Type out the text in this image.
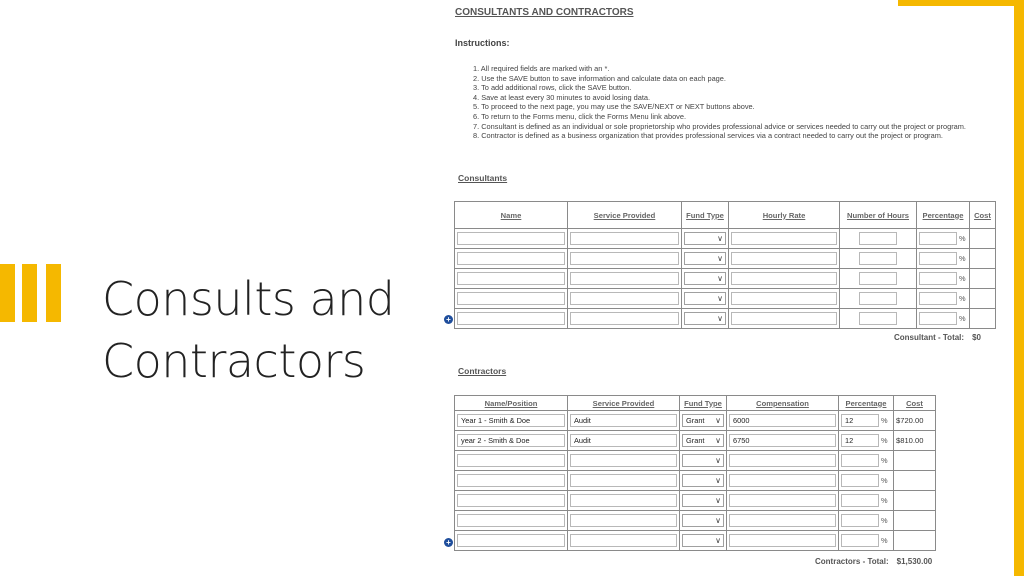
Consults and
Contractors
CONSULTANTS AND CONTRACTORS
Instructions:
1. All required fields are marked with an *.
2. Use the SAVE button to save information and calculate data on each page.
3. To add additional rows, click the SAVE button.
4. Save at least every 30 minutes to avoid losing data.
5. To proceed to the next page, you may use the SAVE/NEXT or NEXT buttons above.
6. To return to the Forms menu, click the Forms Menu link above.
7. Consultant is defined as an individual or sole proprietorship who provides professional advice or services needed to carry out the project or program.
8. Contractor is defined as a business organization that provides professional services via a contract needed to carry out the project or program.
Consultants
Name	Service Provided	Fund Type	Hourly Rate	Number of Hours	Percentage	Cost

		∨			%	

		∨			%	

		∨			%	

		∨			%	

		∨			%	

+
Consultant - Total: $0
Contractors
Name/Position	Service Provided	Fund Type	Compensation	Percentage	Cost

Year 1 - Smith & Doe	Audit	Grant ∨	6000	12 %	$720.00

year 2 - Smith & Doe	Audit	Grant ∨	6750	12 %	$810.00

		∨		%	

		∨		%	

		∨		%	

		∨		%	

		∨		%	

+
Contractors - Total: $1,530.00
